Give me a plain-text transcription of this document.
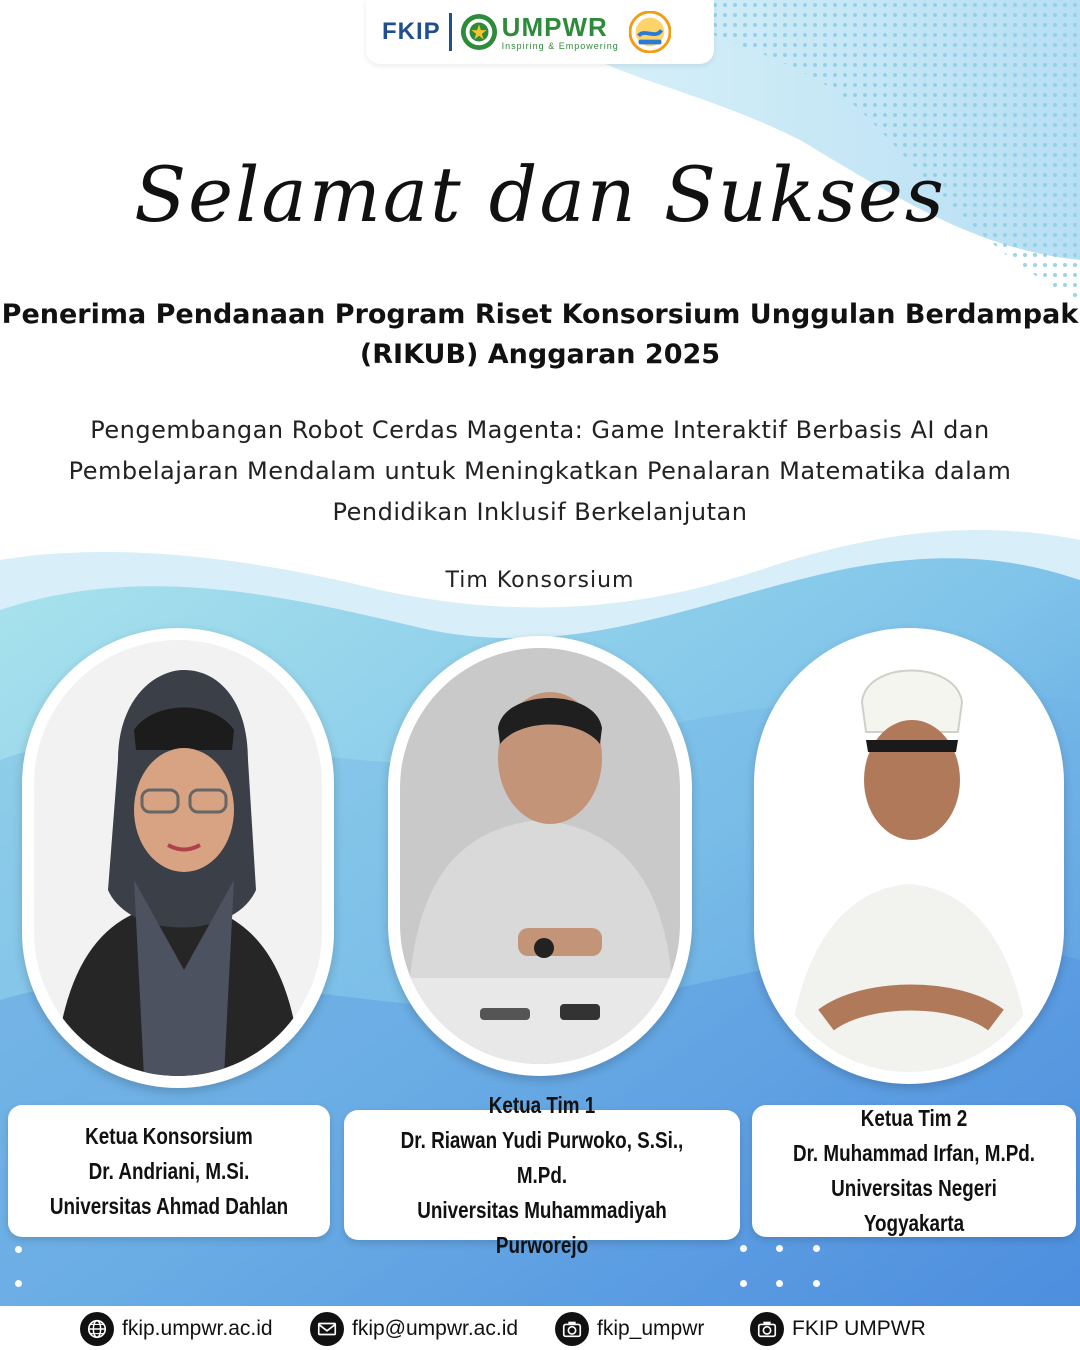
FKIP UMPWR
Inspiring & Empowering
Selamat dan Sukses
Penerima Pendanaan Program Riset Konsorsium Unggulan Berdampak
(RIKUB) Anggaran 2025
Pengembangan Robot Cerdas Magenta: Game Interaktif Berbasis AI dan
Pembelajaran Mendalam untuk Meningkatkan Penalaran Matematika dalam
Pendidikan Inklusif Berkelanjutan
Tim Konsorsium
Ketua Konsorsium
Dr. Andriani, M.Si.
Universitas Ahmad Dahlan
Ketua Tim 1
Dr. Riawan Yudi Purwoko, S.Si., M.Pd.
Universitas Muhammadiyah Purworejo
Ketua Tim 2
Dr. Muhammad Irfan, M.Pd.
Universitas Negeri Yogyakarta
fkip.umpwr.ac.id	fkip@umpwr.ac.id	fkip_umpwr	FKIP UMPWR
